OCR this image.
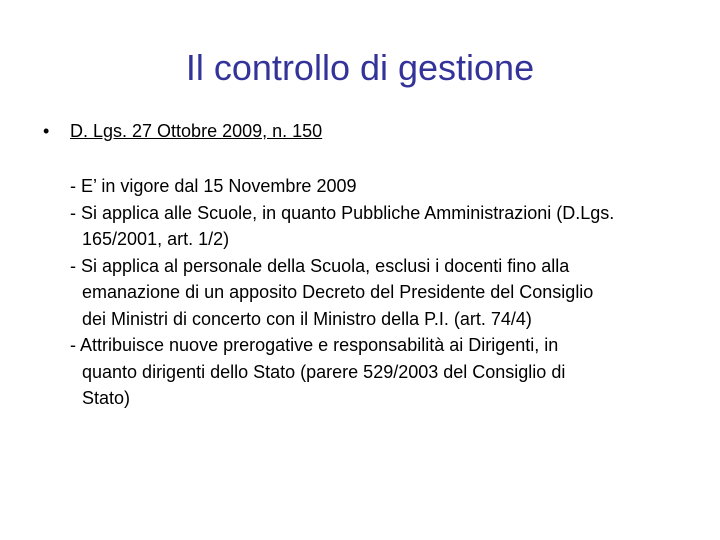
Il controllo di gestione
• D. Lgs. 27 Ottobre 2009, n. 150
- E’ in vigore dal 15 Novembre 2009
- Si applica alle Scuole, in quanto Pubbliche Amministrazioni (D.Lgs.
165/2001, art. 1/2)
- Si applica al personale della Scuola, esclusi i docenti fino alla
emanazione di un apposito Decreto del Presidente del Consiglio
dei Ministri di concerto con il Ministro della P.I. (art. 74/4)
- Attribuisce nuove prerogative e responsabilità ai Dirigenti, in
quanto dirigenti dello Stato (parere 529/2003 del Consiglio di
Stato)
